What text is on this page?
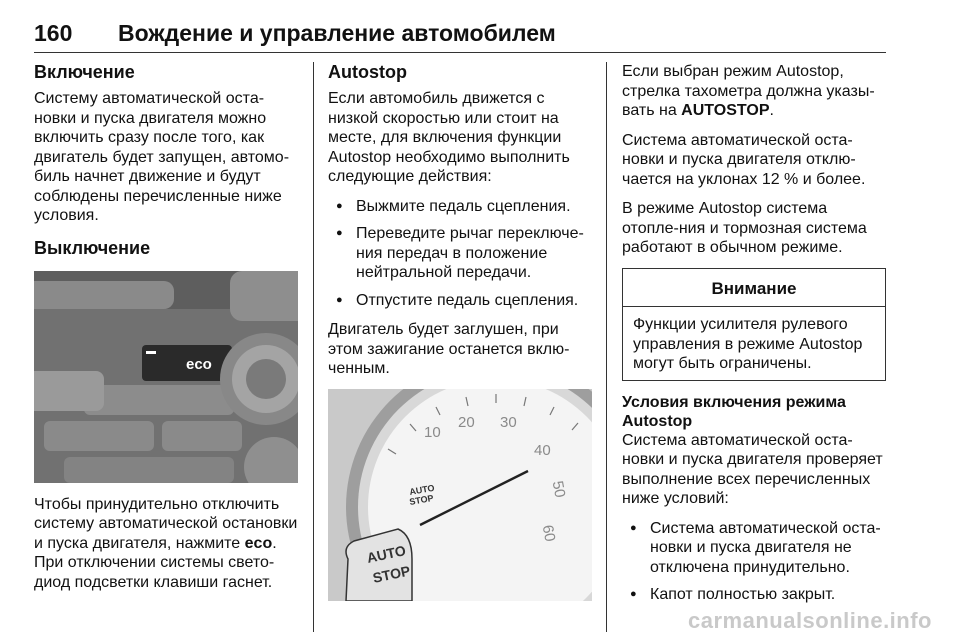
160 Вождение и управление автомобилем
Включение

Систему автоматической оста-новки и пуска двигателя можно включить сразу после того, как двигатель будет запущен, автомо-биль начнет движение и будут соблюдены перечисленные ниже условия.

Выключение
eco

Чтобы принудительно отключить систему автоматической остановки и пуска двигателя, нажмите eco. При отключении системы свето-диод подсветки клавиши гаснет.

Autostop

Если автомобиль движется с низкой скоростью или стоит на месте, для включения функции Autostop необходимо выполнить следующие действия:

● Выжмите педаль сцепления.
● Переведите рычаг переключе-ния передач в положение нейтральной передачи.
● Отпустите педаль сцепления.

Двигатель будет заглушен, при этом зажигание останется вклю-ченным.

10
20 30
40
50
60
AUTO
STOP
AUTO
STOP

Если выбран режим Autostop, стрелка тахометра должна указы-вать на AUTOSTOP.

Система автоматической оста-новки и пуска двигателя отклю-чается на уклонах 12 % и более.

В режиме Autostop система отопле-ния и тормозная система работают в обычном режиме.

Внимание
Функции усилителя рулевого управления в режиме Autostop могут быть ограничены.
Условия включения режима Autostop

Система автоматической оста-новки и пуска двигателя проверяет выполнение всех перечисленных ниже условий:

● Система автоматической оста-новки и пуска двигателя не отключена принудительно.
● Капот полностью закрыт.
carmanualsonline.info
